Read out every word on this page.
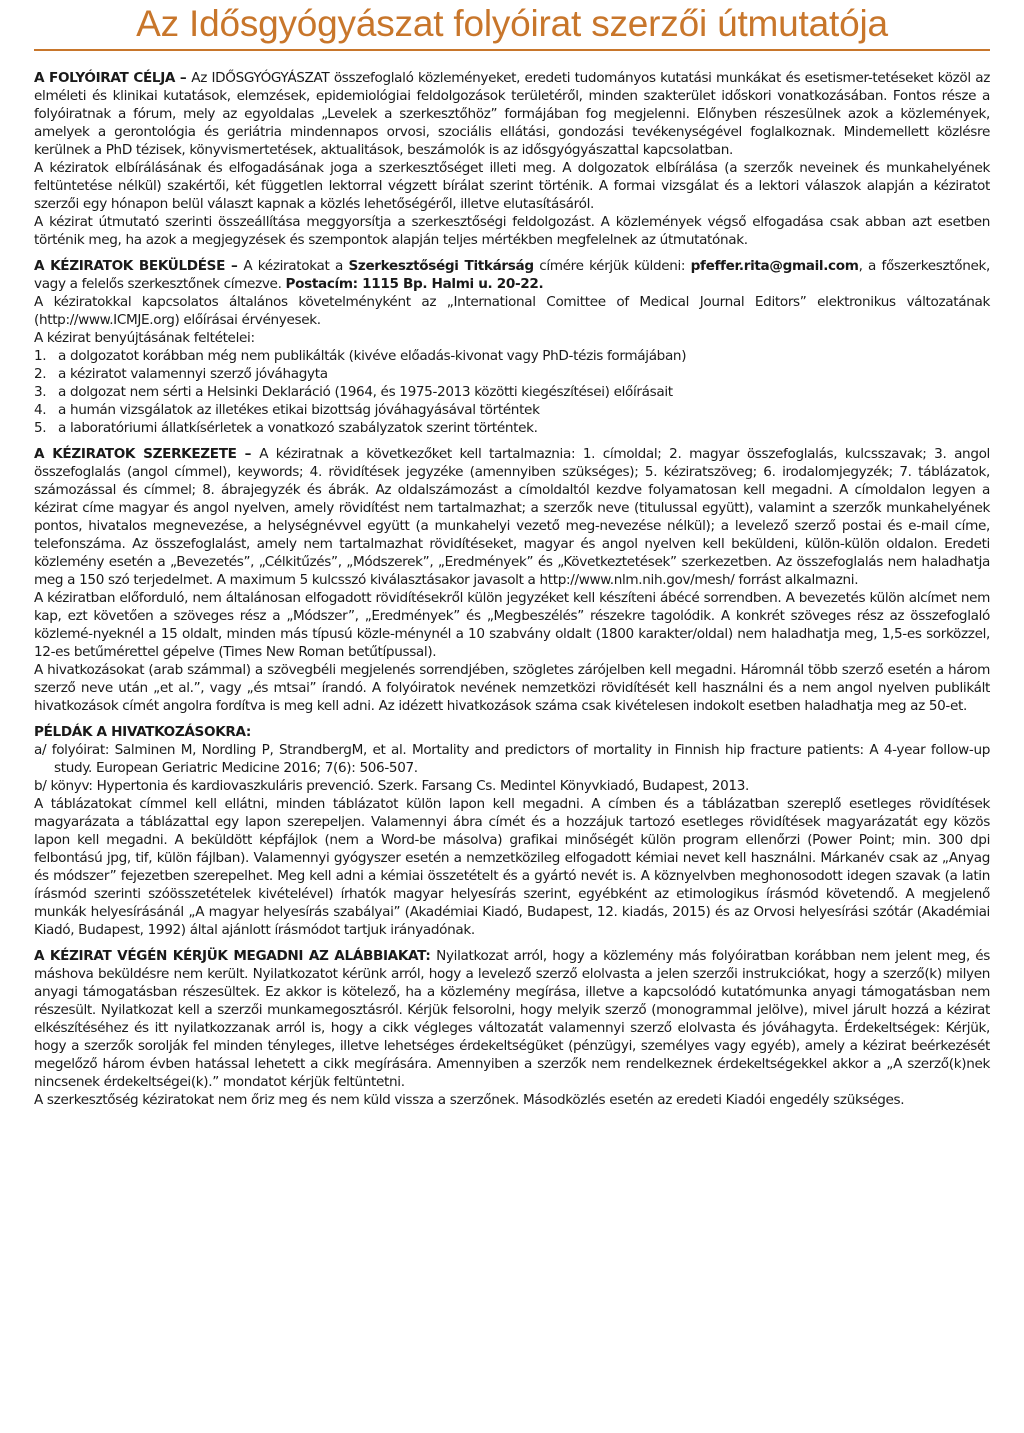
Az Idősgyógyászat folyóirat szerzői útmutatója

A FOLYÓIRAT CÉLJA – Az IDŐSGYÓGYÁSZAT összefoglaló közleményeket, eredeti tudományos kutatási munkákat és esetismer-tetéseket közöl az elméleti és klinikai kutatások, elemzések, epidemiológiai feldolgozások területéről, minden szakterület időskori vonatkozásában. Fontos része a folyóiratnak a fórum, mely az egyoldalas „Levelek a szerkesztőhöz” formájában fog megjelenni. Előnyben részesülnek azok a közlemények, amelyek a gerontológia és geriátria mindennapos orvosi, szociális ellátási, gondozási tevékenységével foglalkoznak. Mindemellett közlésre kerülnek a PhD tézisek, könyvismertetések, aktualitások, beszámolók is az idősgyógyászattal kapcsolatban.

A kéziratok elbírálásának és elfogadásának joga a szerkesztőséget illeti meg. A dolgozatok elbírálása (a szerzők neveinek és munkahelyének feltüntetése nélkül) szakértői, két független lektorral végzett bírálat szerint történik. A formai vizsgálat és a lektori válaszok alapján a kéziratot szerzői egy hónapon belül választ kapnak a közlés lehetőségéről, illetve elutasításáról.

A kézirat útmutató szerinti összeállítása meggyorsítja a szerkesztőségi feldolgozást. A közlemények végső elfogadása csak abban azt esetben történik meg, ha azok a megjegyzések és szempontok alapján teljes mértékben megfelelnek az útmutatónak.

A KÉZIRATOK BEKÜLDÉSE – A kéziratokat a Szerkesztőségi Titkárság címére kérjük küldeni: pfeffer.rita@gmail.com, a főszerkesztőnek, vagy a felelős szerkesztőnek címezve. Postacím: 1115 Bp. Halmi u. 20-22.

A kéziratokkal kapcsolatos általános követelményként az „International Comittee of Medical Journal Editors” elektronikus változatának (http://www.ICMJE.org) előírásai érvényesek.

A kézirat benyújtásának feltételei:

1. a dolgozatot korábban még nem publikálták (kivéve előadás-kivonat vagy PhD-tézis formájában)
2. a kéziratot valamennyi szerző jóváhagyta
3. a dolgozat nem sérti a Helsinki Deklaráció (1964, és 1975-2013 közötti kiegészítései) előírásait
4. a humán vizsgálatok az illetékes etikai bizottság jóváhagyásával történtek
5. a laboratóriumi állatkísérletek a vonatkozó szabályzatok szerint történtek.

A KÉZIRATOK SZERKEZETE – A kéziratnak a következőket kell tartalmaznia: 1. címoldal; 2. magyar összefoglalás, kulcsszavak; 3. angol összefoglalás (angol címmel), keywords; 4. rövidítések jegyzéke (amennyiben szükséges); 5. kéziratszöveg; 6. irodalomjegyzék; 7. táblázatok, számozással és címmel; 8. ábrajegyzék és ábrák. Az oldalszámozást a címoldaltól kezdve folyamatosan kell megadni. A címoldalon legyen a kézirat címe magyar és angol nyelven, amely rövidítést nem tartalmazhat; a szerzők neve (titulussal együtt), valamint a szerzők munkahelyének pontos, hivatalos megnevezése, a helységnévvel együtt (a munkahelyi vezető meg-nevezése nélkül); a levelező szerző postai és e-mail címe, telefonszáma. Az összefoglalást, amely nem tartalmazhat rövidítéseket, magyar és angol nyelven kell beküldeni, külön-külön oldalon. Eredeti közlemény esetén a „Bevezetés”, „Célkitűzés”, „Módszerek”, „Eredmények” és „Következtetések” szerkezetben. Az összefoglalás nem haladhatja meg a 150 szó terjedelmet. A maximum 5 kulcsszó kiválasztásakor javasolt a http://www.nlm.nih.gov/mesh/ forrást alkalmazni.

A kéziratban előforduló, nem általánosan elfogadott rövidítésekről külön jegyzéket kell készíteni ábécé sorrendben. A bevezetés külön alcímet nem kap, ezt követően a szöveges rész a „Módszer”, „Eredmények” és „Megbeszélés” részekre tagolódik. A konkrét szöveges rész az összefoglaló közlemé-nyeknél a 15 oldalt, minden más típusú közle-ménynél a 10 szabvány oldalt (1800 karakter/oldal) nem haladhatja meg, 1,5-es sorközzel, 12-es betűmérettel gépelve (Times New Roman betűtípussal).

A hivatkozásokat (arab számmal) a szövegbéli megjelenés sorrendjében, szögletes zárójelben kell megadni. Háromnál több szerző esetén a három szerző neve után „et al.”, vagy „és mtsai” írandó. A folyóiratok nevének nemzetközi rövidítését kell használni és a nem angol nyelven publikált hivatkozások címét angolra fordítva is meg kell adni. Az idézett hivatkozások száma csak kivételesen indokolt esetben haladhatja meg az 50-et.

PÉLDÁK A HIVATKOZÁSOKRA:

a/ folyóirat: Salminen M, Nordling P, StrandbergM, et al. Mortality and predictors of mortality in Finnish hip fracture patients: A 4-year follow-up study. European Geriatric Medicine 2016; 7(6): 506-507.

b/ könyv: Hypertonia és kardiovaszkuláris prevenció. Szerk. Farsang Cs. Medintel Könyvkiadó, Budapest, 2013.

A táblázatokat címmel kell ellátni, minden táblázatot külön lapon kell megadni. A címben és a táblázatban szereplő esetleges rövidítések magyarázata a táblázattal egy lapon szerepeljen. Valamennyi ábra címét és a hozzájuk tartozó esetleges rövidítések magyarázatát egy közös lapon kell megadni. A beküldött képfájlok (nem a Word-be másolva) grafikai minőségét külön program ellenőrzi (Power Point; min. 300 dpi felbontású jpg, tif, külön fájlban). Valamennyi gyógyszer esetén a nemzetközileg elfogadott kémiai nevet kell használni. Márkanév csak az „Anyag és módszer” fejezetben szerepelhet. Meg kell adni a kémiai összetételt és a gyártó nevét is. A köznyelvben meghonosodott idegen szavak (a latin írásmód szerinti szóösszetételek kivételével) írhatók magyar helyesírás szerint, egyébként az etimologikus írásmód követendő. A megjelenő munkák helyesírásánál „A magyar helyesírás szabályai” (Akadémiai Kiadó, Budapest, 12. kiadás, 2015) és az Orvosi helyesírási szótár (Akadémiai Kiadó, Budapest, 1992) által ajánlott írásmódot tartjuk irányadónak.

A KÉZIRAT VÉGÉN KÉRJÜK MEGADNI AZ ALÁBBIAKAT: Nyilatkozat arról, hogy a közlemény más folyóiratban korábban nem jelent meg, és máshova beküldésre nem került. Nyilatkozatot kérünk arról, hogy a levelező szerző elolvasta a jelen szerzői instrukciókat, hogy a szerző(k) milyen anyagi támogatásban részesültek. Ez akkor is kötelező, ha a közlemény megírása, illetve a kapcsolódó kutatómunka anyagi támogatásban nem részesült. Nyilatkozat kell a szerzői munkamegosztásról. Kérjük felsorolni, hogy melyik szerző (monogrammal jelölve), mivel járult hozzá a kézirat elkészítéséhez és itt nyilatkozzanak arról is, hogy a cikk végleges változatát valamennyi szerző elolvasta és jóváhagyta. Érdekeltségek: Kérjük, hogy a szerzők sorolják fel minden tényleges, illetve lehetséges érdekeltségüket (pénzügyi, személyes vagy egyéb), amely a kézirat beérkezését megelőző három évben hatással lehetett a cikk megírására. Amennyiben a szerzők nem rendelkeznek érdekeltségekkel akkor a „A szerző(k)nek nincsenek érdekeltségei(k).” mondatot kérjük feltüntetni.

A szerkesztőség kéziratokat nem őriz meg és nem küld vissza a szerzőnek. Másodközlés esetén az eredeti Kiadói engedély szükséges.
